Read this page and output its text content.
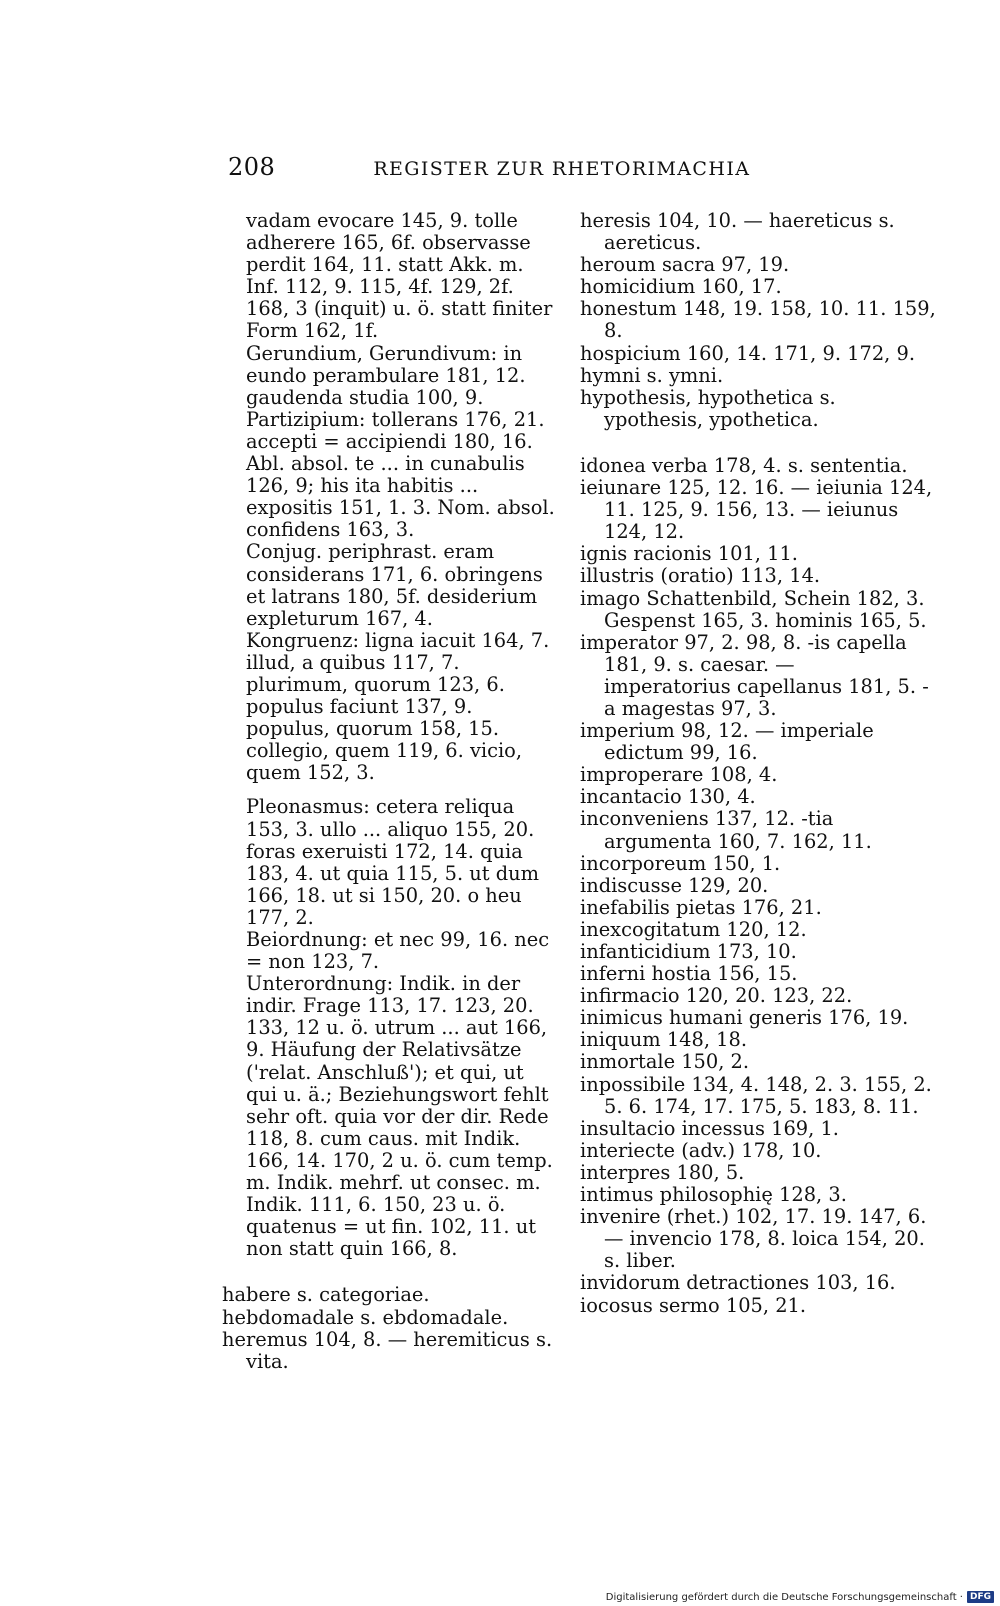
208	REGISTER ZUR RHETORIMACHIA
vadam evocare 145, 9. tolle adherere 165, 6f. observasse perdit 164, 11. statt Akk. m. Inf. 112, 9. 115, 4f. 129, 2f. 168, 3 (inquit) u. ö. statt finiter Form 162, 1f.
Gerundium, Gerundivum: in eundo perambulare 181, 12. gaudenda studia 100, 9.
Partizipium: tollerans 176, 21. accepti = accipiendi 180, 16. Abl. absol. te ... in cunabulis 126, 9; his ita habitis ... expositis 151, 1. 3. Nom. absol. confidens 163, 3.
Conjug. periphrast. eram considerans 171, 6. obringens et latrans 180, 5f. desiderium expleturum 167, 4.
Kongruenz: ligna iacuit 164, 7. illud, a quibus 117, 7. plurimum, quorum 123, 6. populus faciunt 137, 9. populus, quorum 158, 15. collegio, quem 119, 6. vicio, quem 152, 3.
Pleonasmus: cetera reliqua 153, 3. ullo ... aliquo 155, 20. foras exeruisti 172, 14. quia 183, 4. ut quia 115, 5. ut dum 166, 18. ut si 150, 20. o heu 177, 2.
Beiordnung: et nec 99, 16. nec = non 123, 7.
Unterordnung: Indik. in der indir. Frage 113, 17. 123, 20. 133, 12 u. ö. utrum ... aut 166, 9. Häufung der Relativsätze ('relat. Anschluß'); et qui, ut qui u. ä.; Beziehungswort fehlt sehr oft. quia vor der dir. Rede 118, 8. cum caus. mit Indik. 166, 14. 170, 2 u. ö. cum temp. m. Indik. mehrf. ut consec. m. Indik. 111, 6. 150, 23 u. ö. quatenus = ut fin. 102, 11. ut non statt quin 166, 8.
habere s. categoriae.
hebdomadale s. ebdomadale.
heremus 104, 8. — heremiticus s. vita.
heresis 104, 10. — haereticus s. aereticus.
heroum sacra 97, 19.
homicidium 160, 17.
honestum 148, 19. 158, 10. 11. 159, 8.
hospicium 160, 14. 171, 9. 172, 9.
hymni s. ymni.
hypothesis, hypothetica s. ypothesis, ypothetica.
idonea verba 178, 4. s. sententia.
ieiunare 125, 12. 16. — ieiunia 124, 11. 125, 9. 156, 13. — ieiunus 124, 12.
ignis racionis 101, 11.
illustris (oratio) 113, 14.
imago Schattenbild, Schein 182, 3. Gespenst 165, 3. hominis 165, 5.
imperator 97, 2. 98, 8. -is capella 181, 9. s. caesar. —
imperatorius capellanus 181, 5. -a magestas 97, 3.
imperium 98, 12. — imperiale edictum 99, 16.
improperare 108, 4.
incantacio 130, 4.
inconveniens 137, 12. -tia argumenta 160, 7. 162, 11.
incorporeum 150, 1.
indiscusse 129, 20.
inefabilis pietas 176, 21.
inexcogitatum 120, 12.
infanticidium 173, 10.
inferni hostia 156, 15.
infirmacio 120, 20. 123, 22.
inimicus humani generis 176, 19.
iniquum 148, 18.
inmortale 150, 2.
inpossibile 134, 4. 148, 2. 3. 155, 2. 5. 6. 174, 17. 175, 5. 183, 8. 11.
insultacio incessus 169, 1.
interiecte (adv.) 178, 10.
interpres 180, 5.
intimus philosophię 128, 3.
invenire (rhet.) 102, 17. 19. 147, 6. — invencio 178, 8. loica 154, 20. s. liber.
invidorum detractiones 103, 16.
iocosus sermo 105, 21.
Digitalisierung gefördert durch die Deutsche Forschungsgemeinschaft · DFG
